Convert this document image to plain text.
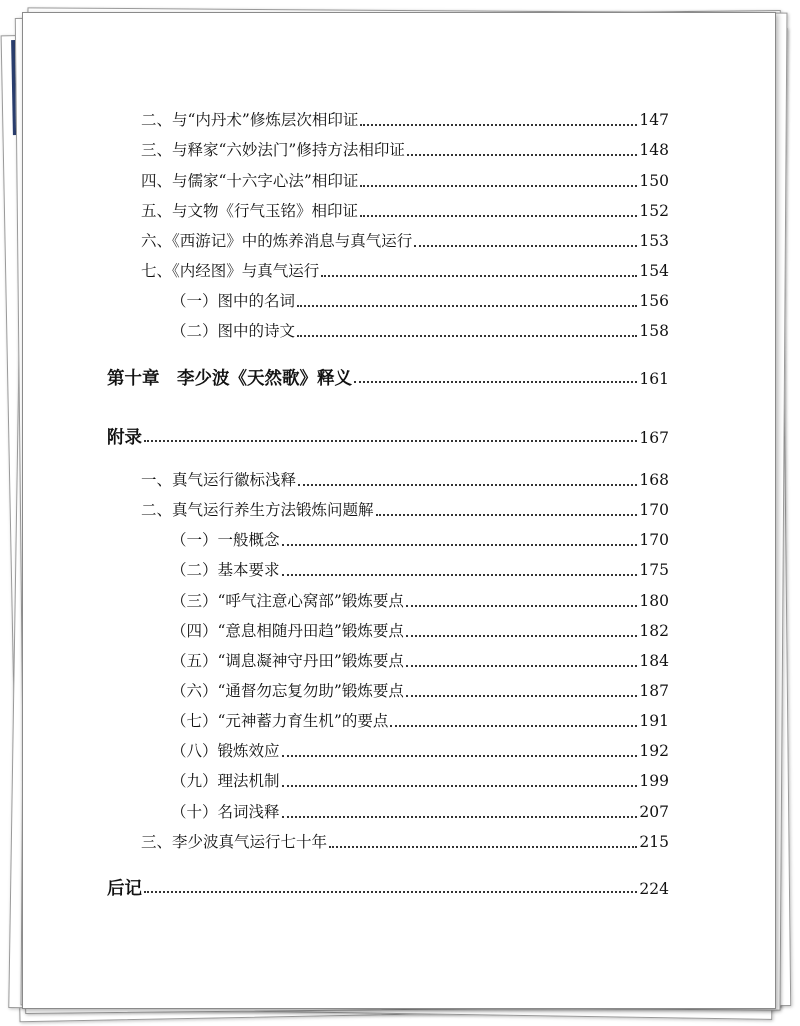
二、与“内丹术”修炼层次相印证	147
三、与释家“六妙法门”修持方法相印证	148
四、与儒家“十六字心法”相印证	150
五、与文物《行气玉铭》相印证	152
六、《西游记》中的炼养消息与真气运行	153
七、《内经图》与真气运行	154
（一）图中的名词	156
（二）图中的诗文	158
第十章　李少波《天然歌》释义	161
附录	167
一、真气运行徽标浅释	168
二、真气运行养生方法锻炼问题解	170
（一）一般概念	170
（二）基本要求	175
（三）“呼气注意心窝部”锻炼要点	180
（四）“意息相随丹田趋”锻炼要点	182
（五）“调息凝神守丹田”锻炼要点	184
（六）“通督勿忘复勿助”锻炼要点	187
（七）“元神蓄力育生机”的要点	191
（八）锻炼效应	192
（九）理法机制	199
（十）名词浅释	207
三、李少波真气运行七十年	215
后记	224
